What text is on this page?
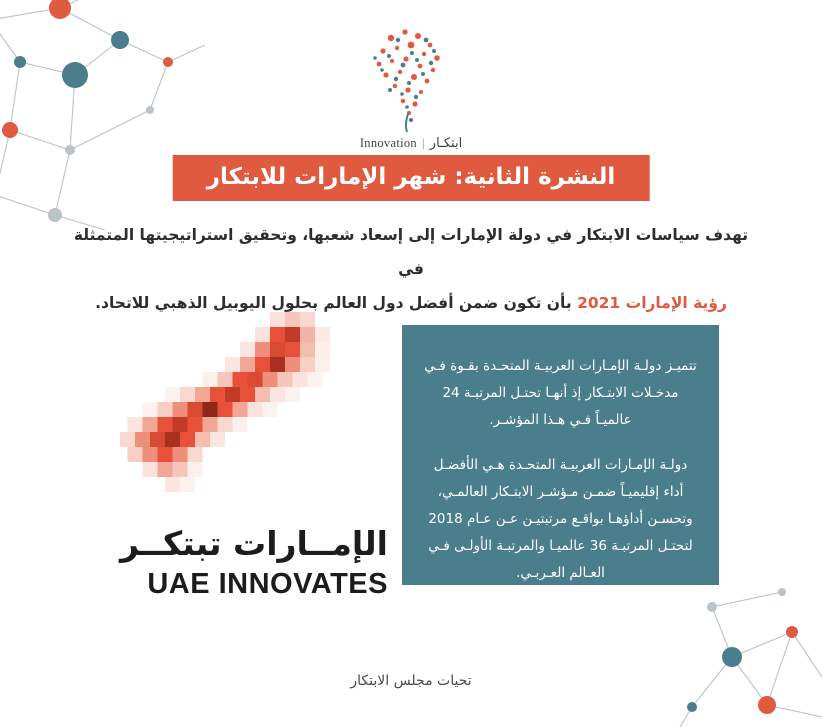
Innovation | ابتكـار
النشرة الثانية: شهر الإمارات للابتكار
تهدف سياسات الابتكار في دولة الإمارات إلى إسعاد شعبها، وتحقيق استراتيجيتها المتمثلة في
رؤية الإمارات 2021 بأن تكون ضمن أفضل دول العالم بحلول اليوبيل الذهبي للاتحاد.
الإمــارات تبتكــر
UAE INNOVATES

تتميـز دولـة الإمـارات العربيـة المتحـدة بقـوة فـي مدخـلات الابتـكار إذ أنهـا تحتـل المرتبـة 24 عالميـاً فـي هـذا المؤشـر.

دولـة الإمـارات العربيـة المتحـدة هـي الأفضـل أداء إقليميـاً ضمـن مـؤشـر الابتـكار العالمـي، وتحسـن أداؤهـا بواقـع مرتبتيـن عـن عـام 2018 لتحتـل المرتبـة 36 عالميـا والمرتبـة الأولـى فـي العـالم العـربـي.

تحيات مجلس الابتكار
